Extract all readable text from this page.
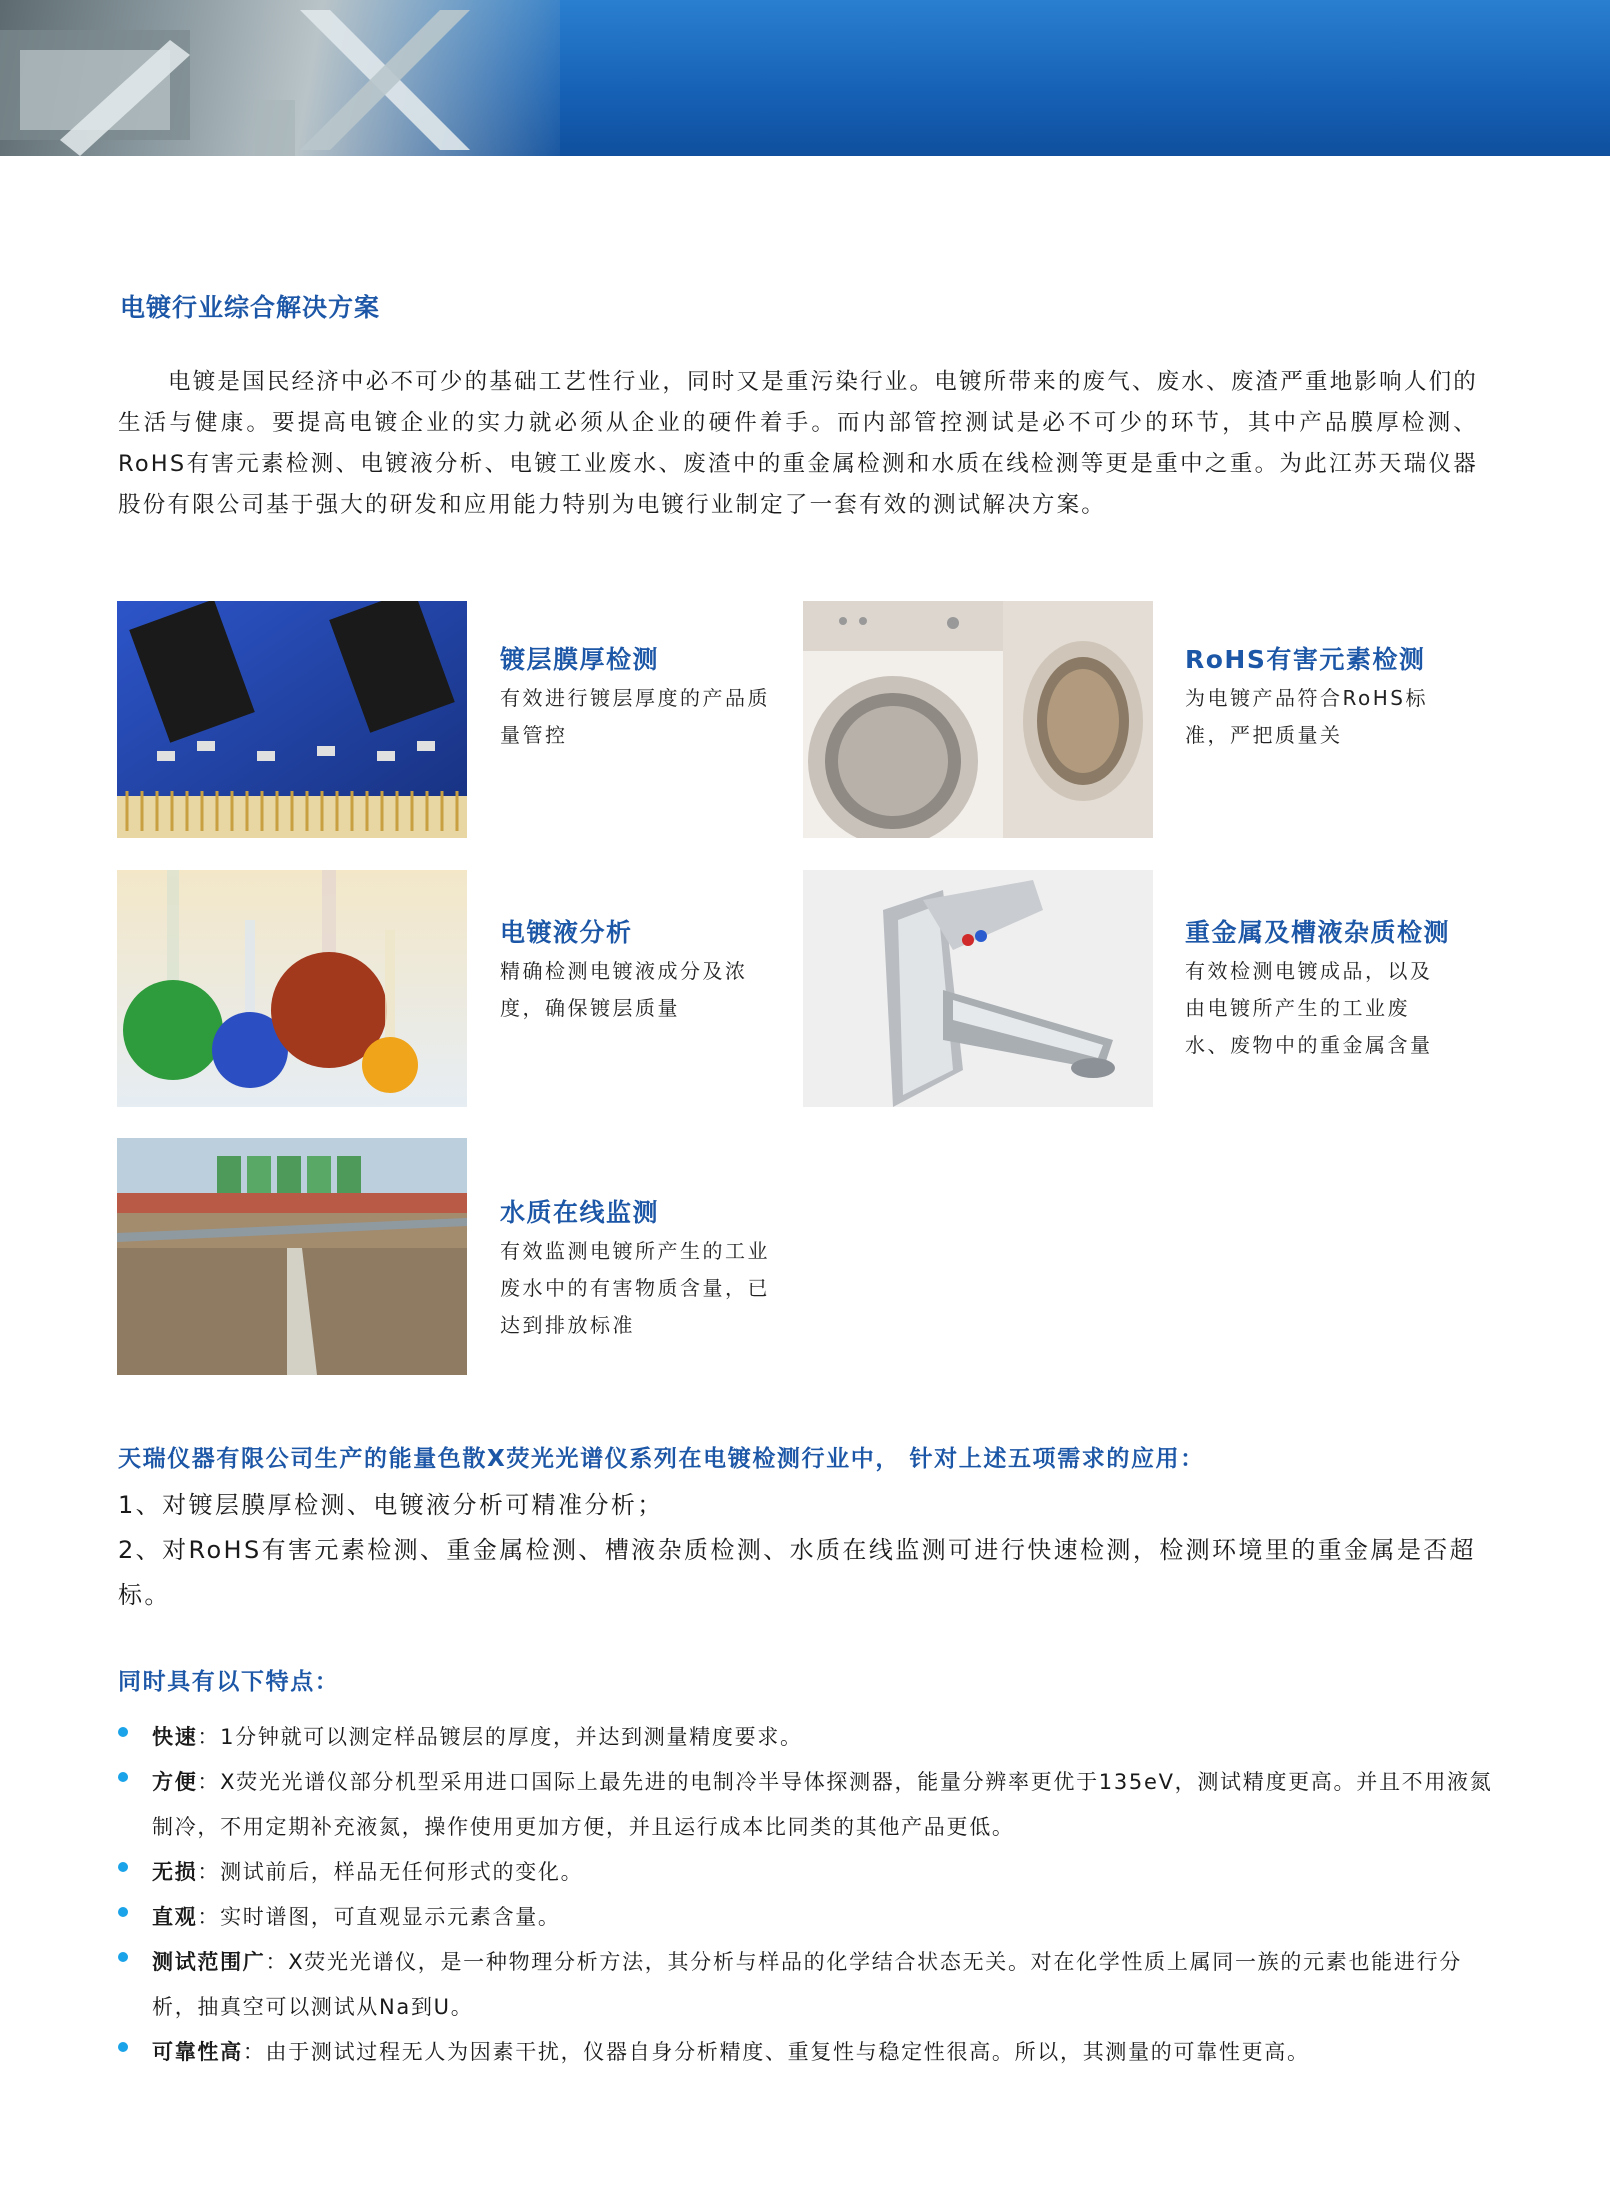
电镀行业综合解决方案
电镀是国民经济中必不可少的基础工艺性行业，同时又是重污染行业。电镀所带来的废气、废水、废渣严重地影响人们的生活与健康。要提高电镀企业的实力就必须从企业的硬件着手。而内部管控测试是必不可少的环节，其中产品膜厚检测、RoHS有害元素检测、电镀液分析、电镀工业废水、废渣中的重金属检测和水质在线检测等更是重中之重。为此江苏天瑞仪器股份有限公司基于强大的研发和应用能力特别为电镀行业制定了一套有效的测试解决方案。
镀层膜厚检测
有效进行镀层厚度的产品质量管控
RoHS有害元素检测
为电镀产品符合RoHS标准，严把质量关
电镀液分析
精确检测电镀液成分及浓度，确保镀层质量
重金属及槽液杂质检测
有效检测电镀成品，以及由电镀所产生的工业废水、废物中的重金属含量
水质在线监测
有效监测电镀所产生的工业废水中的有害物质含量，已达到排放标准
天瑞仪器有限公司生产的能量色散X荧光光谱仪系列在电镀检测行业中， 针对上述五项需求的应用：
1、对镀层膜厚检测、电镀液分析可精准分析；
2、对RoHS有害元素检测、重金属检测、槽液杂质检测、水质在线监测可进行快速检测，检测环境里的重金属是否超标。
同时具有以下特点：
快速：1分钟就可以测定样品镀层的厚度，并达到测量精度要求。
方便：X荧光光谱仪部分机型采用进口国际上最先进的电制冷半导体探测器，能量分辨率更优于135eV，测试精度更高。并且不用液氮制冷，不用定期补充液氮，操作使用更加方便，并且运行成本比同类的其他产品更低。
无损：测试前后，样品无任何形式的变化。
直观：实时谱图，可直观显示元素含量。
测试范围广：X荧光光谱仪，是一种物理分析方法，其分析与样品的化学结合状态无关。对在化学性质上属同一族的元素也能进行分析，抽真空可以测试从Na到U。
可靠性高：由于测试过程无人为因素干扰，仪器自身分析精度、重复性与稳定性很高。所以，其测量的可靠性更高。
